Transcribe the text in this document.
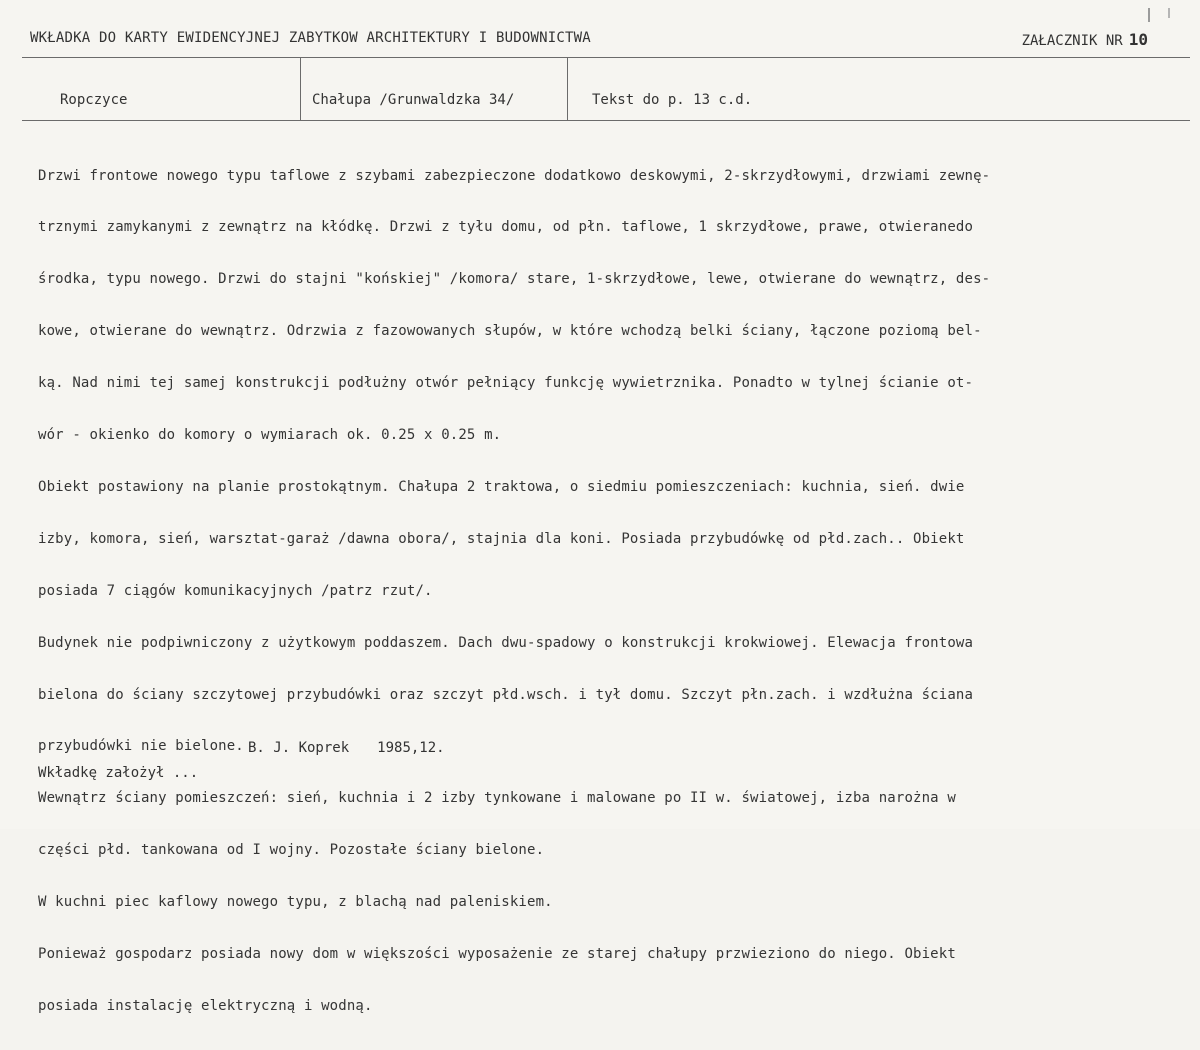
WKŁADKA DO KARTY EWIDENCYJNEJ ZABYTKOW ARCHITEKTURY I BUDOWNICTWA	ZAŁACZNIK NR 10
Ropczyce	Chałupa /Grunwaldzka 34/	Tekst do p. 13 c.d.

Drzwi frontowe nowego typu taflowe z szybami zabezpieczone dodatkowo deskowymi, 2-skrzydłowymi, drzwiami zewnę-

trznymi zamykanymi z zewnątrz na kłódkę. Drzwi z tyłu domu, od płn. taflowe, 1 skrzydłowe, prawe, otwieranedo

środka, typu nowego. Drzwi do stajni "końskiej" /komora/ stare, 1-skrzydłowe, lewe, otwierane do wewnątrz, des-

kowe, otwierane do wewnątrz. Odrzwia z fazowowanych słupów, w które wchodzą belki ściany, łączone poziomą bel-

ką. Nad nimi tej samej konstrukcji podłużny otwór pełniący funkcję wywietrznika. Ponadto w tylnej ścianie ot-

wór - okienko do komory o wymiarach ok. 0.25 x 0.25 m.

Obiekt postawiony na planie prostokątnym. Chałupa 2 traktowa, o siedmiu pomieszczeniach: kuchnia, sień. dwie

izby, komora, sień, warsztat-garaż /dawna obora/, stajnia dla koni. Posiada przybudówkę od płd.zach.. Obiekt

posiada 7 ciągów komunikacyjnych /patrz rzut/.

Budynek nie podpiwniczony z użytkowym poddaszem. Dach dwu-spadowy o konstrukcji krokwiowej. Elewacja frontowa

bielona do ściany szczytowej przybudówki oraz szczyt płd.wsch. i tył domu. Szczyt płn.zach. i wzdłużna ściana

przybudówki nie bielone.

Wewnątrz ściany pomieszczeń: sień, kuchnia i 2 izby tynkowane i malowane po II w. światowej, izba narożna w

części płd. tankowana od I wojny. Pozostałe ściany bielone.

W kuchni piec kaflowy nowego typu, z blachą nad paleniskiem.

Ponieważ gospodarz posiada nowy dom w większości wyposażenie ze starej chałupy przwieziono do niego. Obiekt

posiada instalację elektryczną i wodną.

B. J. Koprek 1985,12.
Wkładkę założył ...
